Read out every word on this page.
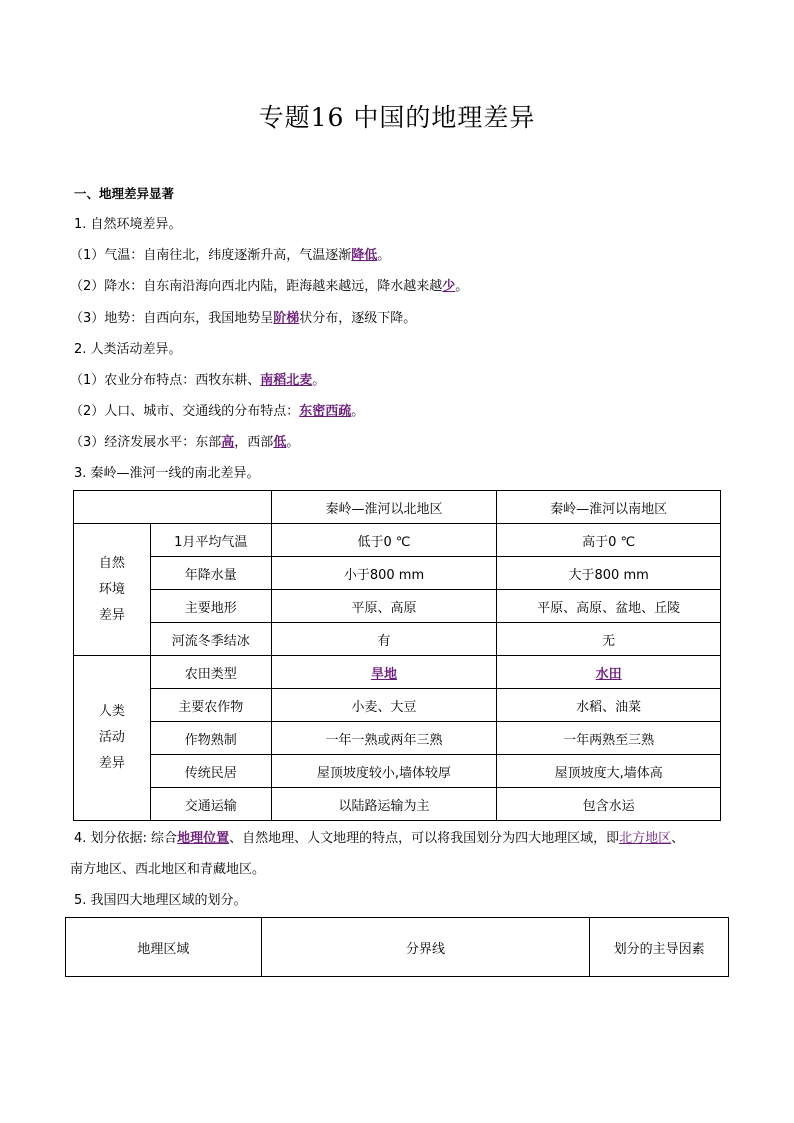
专题16 中国的地理差异
一、地理差异显著
1. 自然环境差异。
（1）气温：自南往北，纬度逐渐升高，气温逐渐降低。
（2）降水：自东南沿海向西北内陆，距海越来越远，降水越来越少。
（3）地势：自西向东，我国地势呈阶梯状分布，逐级下降。
2. 人类活动差异。
（1）农业分布特点：西牧东耕、南稻北麦。
（2）人口、城市、交通线的分布特点：东密西疏。
（3）经济发展水平：东部高，西部低。
3. 秦岭—淮河一线的南北差异。
		秦岭—淮河以北地区	秦岭—淮河以南地区

自然
环境
差异	1月平均气温	低于0 ℃	高于0 ℃
	年降水量	小于800 mm	大于800 mm
	主要地形	平原、高原	平原、高原、盆地、丘陵
	河流冬季结冰	有	无

人类
活动
差异	农田类型	旱地	水田
	主要农作物	小麦、大豆	水稻、油菜
	作物熟制	一年一熟或两年三熟	一年两熟至三熟
	传统民居	屋顶坡度较小,墙体较厚	屋顶坡度大,墙体高
	交通运输	以陆路运输为主	包含水运
4. 划分依据: 综合地理位置、自然地理、人文地理的特点，可以将我国划分为四大地理区域，即北方地区、
南方地区、西北地区和青藏地区。
5. 我国四大地理区域的划分。
地理区域	分界线	划分的主导因素
